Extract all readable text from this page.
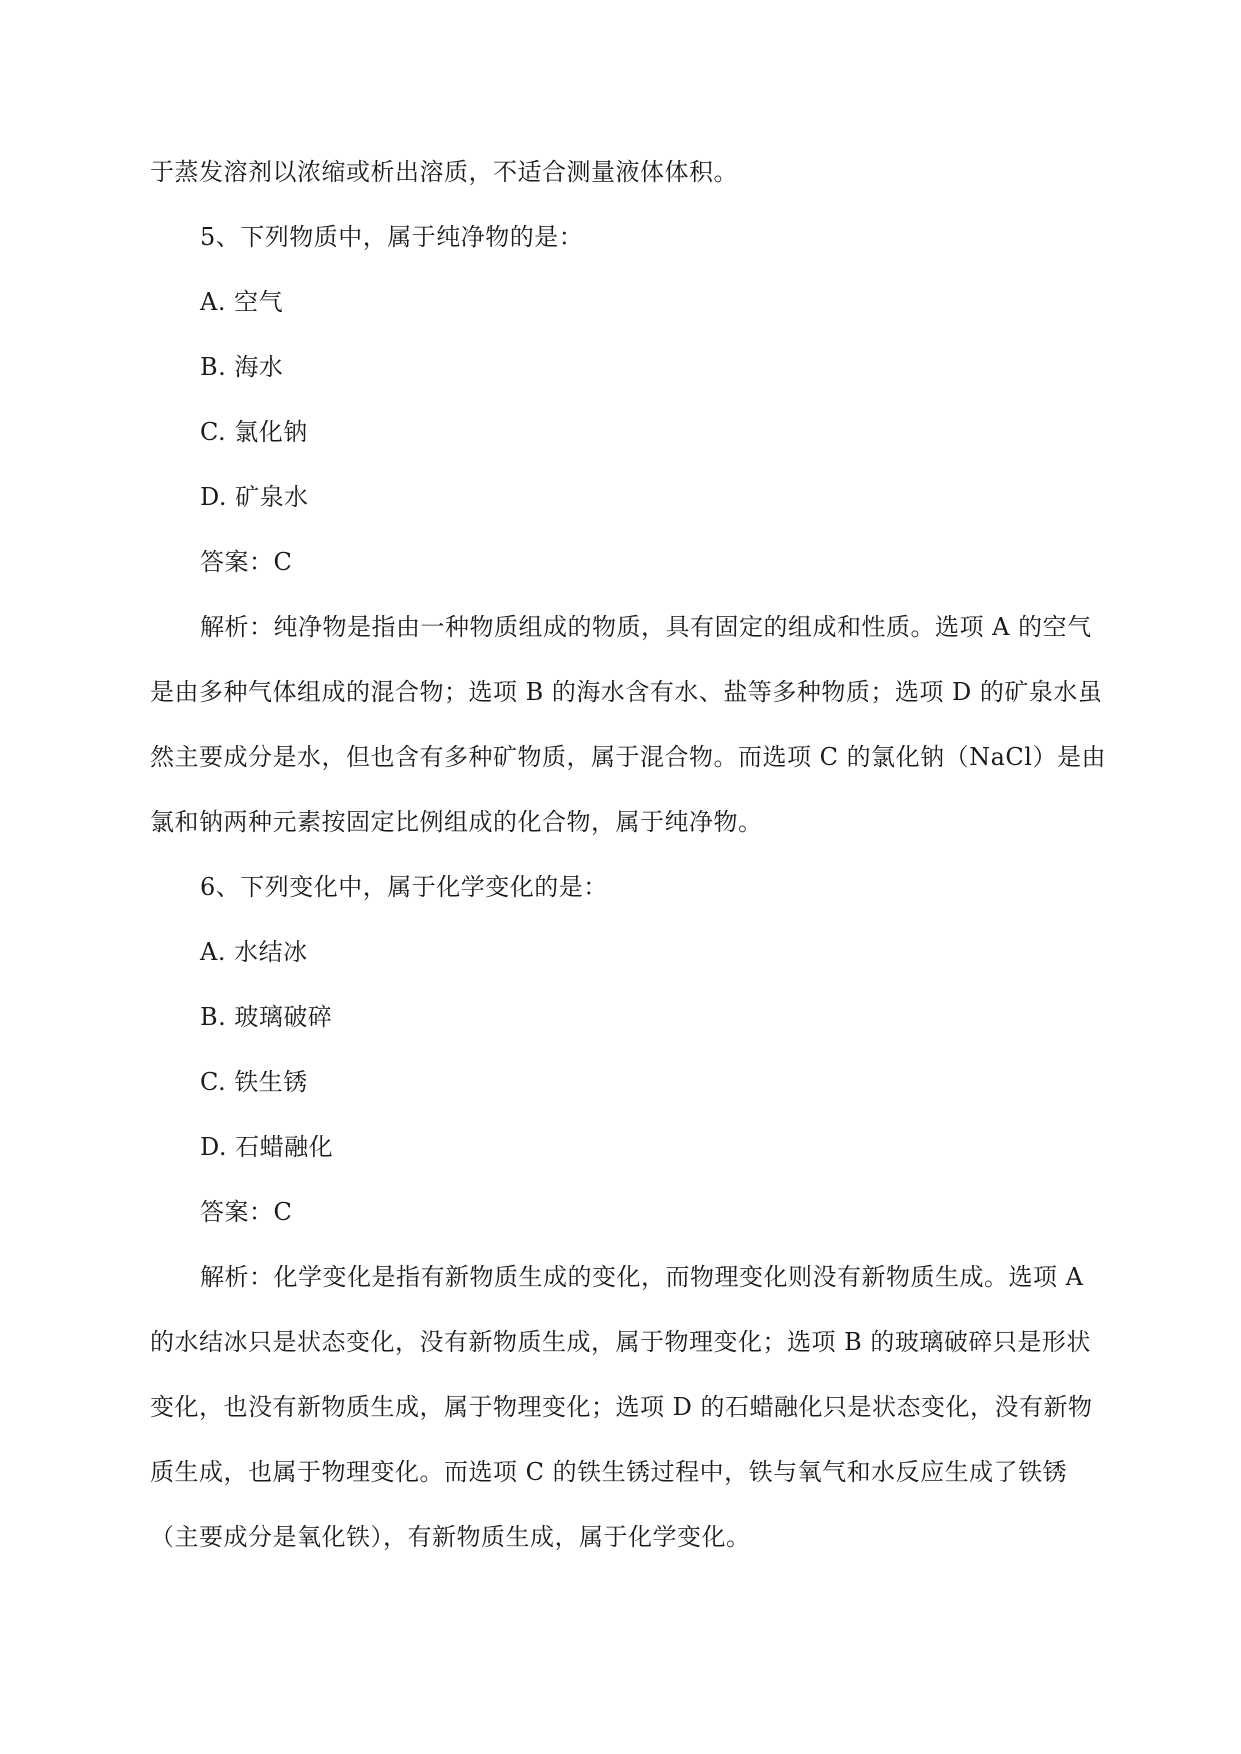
于蒸发溶剂以浓缩或析出溶质，不适合测量液体体积。
5、下列物质中，属于纯净物的是：
A. 空气
B. 海水
C. 氯化钠
D. 矿泉水
答案：C
解析：纯净物是指由一种物质组成的物质，具有固定的组成和性质。选项 A 的空气
是由多种气体组成的混合物；选项 B 的海水含有水、盐等多种物质；选项 D 的矿泉水虽
然主要成分是水，但也含有多种矿物质，属于混合物。而选项 C 的氯化钠（NaCl）是由
氯和钠两种元素按固定比例组成的化合物，属于纯净物。
6、下列变化中，属于化学变化的是：
A. 水结冰
B. 玻璃破碎
C. 铁生锈
D. 石蜡融化
答案：C
解析：化学变化是指有新物质生成的变化，而物理变化则没有新物质生成。选项 A
的水结冰只是状态变化，没有新物质生成，属于物理变化；选项 B 的玻璃破碎只是形状
变化，也没有新物质生成，属于物理变化；选项 D 的石蜡融化只是状态变化，没有新物
质生成，也属于物理变化。而选项 C 的铁生锈过程中，铁与氧气和水反应生成了铁锈
（主要成分是氧化铁），有新物质生成，属于化学变化。
